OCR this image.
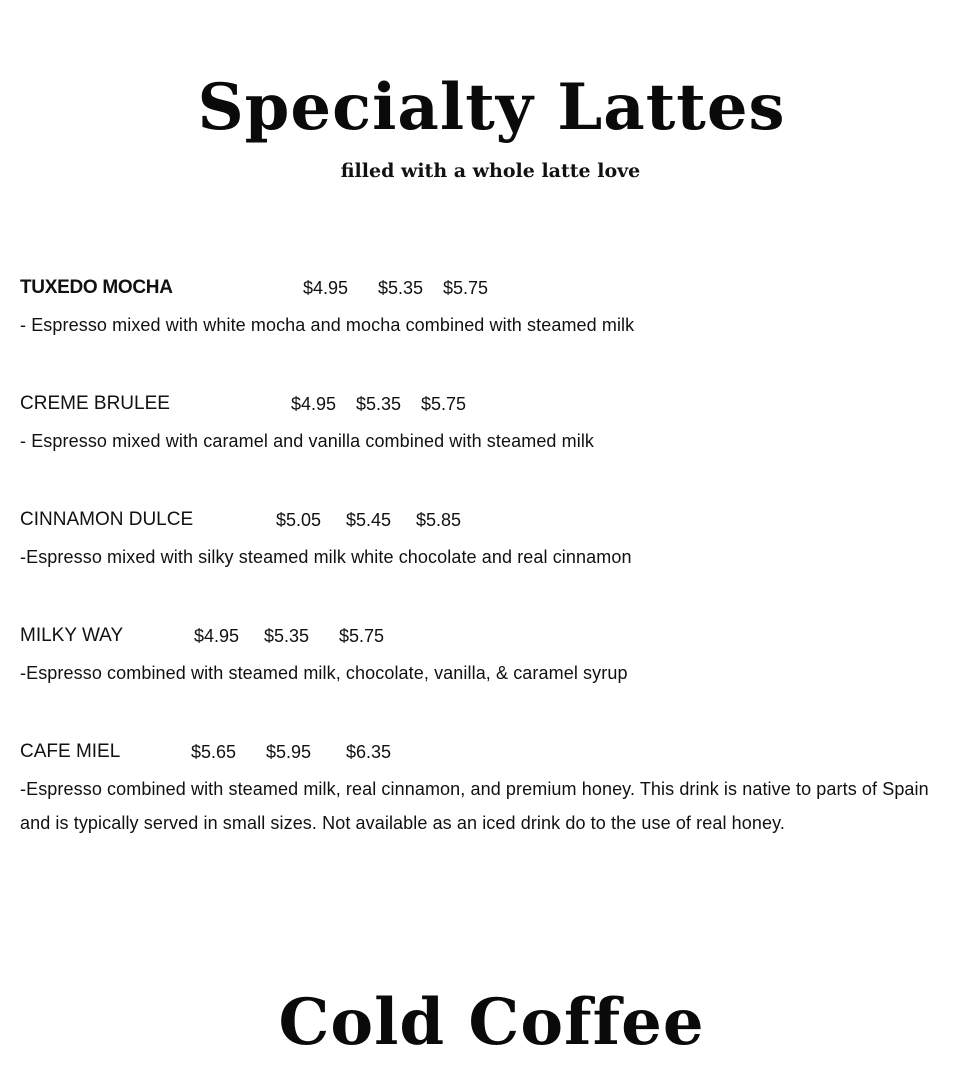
Specialty Lattes

filled with a whole latte love

TUXEDO MOCHA	$4.95 $5.35 $5.75

- Espresso mixed with white mocha and mocha combined with steamed milk

CREME BRULEE	$4.95 $5.35 $5.75

- Espresso mixed with caramel and vanilla combined with steamed milk

CINNAMON DULCE	$5.05 $5.45 $5.85

-Espresso mixed with silky steamed milk white chocolate and real cinnamon

MILKY WAY	$4.95 $5.35 $5.75

-Espresso combined with steamed milk, chocolate, vanilla, & caramel syrup

CAFE MIEL	$5.65 $5.95 $6.35

-Espresso combined with steamed milk, real cinnamon, and premium honey. This drink is native to parts of Spain and is typically served in small sizes. Not available as an iced drink do to the use of real honey.

Cold Coffee
